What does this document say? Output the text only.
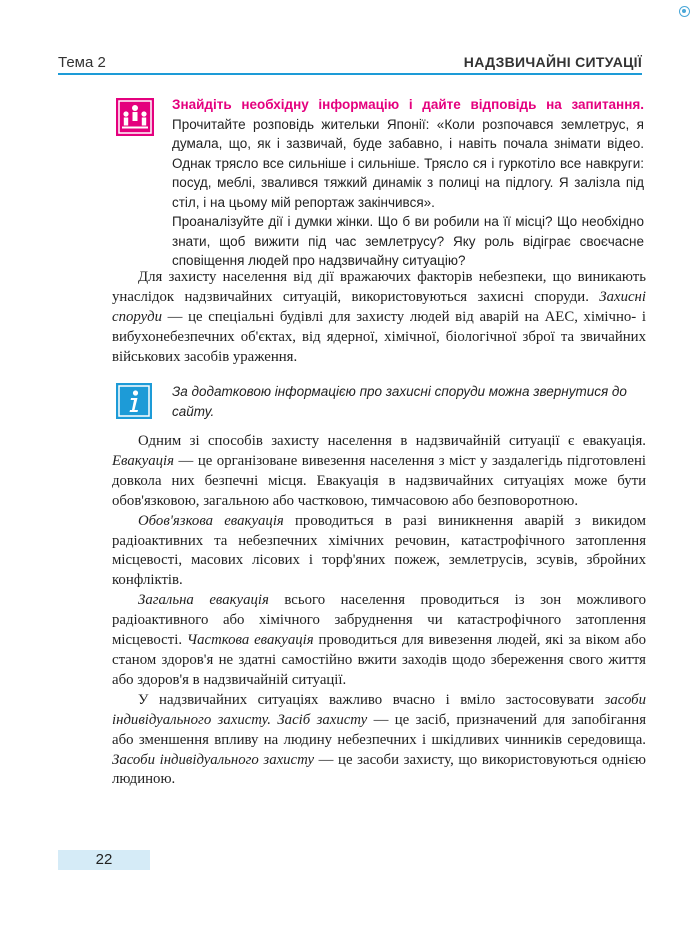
Тема 2	НАДЗВИЧАЙНІ СИТУАЦІЇ

Знайдіть необхідну інформацію і дайте відповідь на запитання. Прочитайте розповідь жительки Японії: «Коли розпочався землетрус, я думала, що, як і зазвичай, буде забавно, і навіть почала знімати відео. Однак трясло все сильніше і сильніше. Трясло ся і гуркотіло все навкруги: посуд, меблі, звалився тяжкий динамік з полиці на підлогу. Я залізла під стіл, і на цьому мій репортаж закінчився».

Проаналізуйте дії і думки жінки. Що б ви робили на її місці? Що необхідно знати, щоб вижити під час землетрусу? Яку роль відіграє своєчасне сповіщення людей про надзвичайну ситуацію?

Для захисту населення від дії вражаючих факторів небезпеки, що виникають унаслідок надзвичайних ситуацій, використовуються захисні споруди. Захисні споруди — це спеціальні будівлі для захисту людей від аварій на АЕС, хімічно- і вибухонебезпечних об'єктах, від ядерної, хімічної, біологічної зброї та звичайних військових засобів ураження.

За додатковою інформацією про захисні споруди можна звернутися до сайту.

Одним зі способів захисту населення в надзвичайній ситуації є евакуація. Евакуація — це організоване вивезення населення з міст у заздалегідь підготовлені довкола них безпечні місця. Евакуація в надзвичайних ситуаціях може бути обов'язковою, загальною або частковою, тимчасовою або безповоротною.

Обов'язкова евакуація проводиться в разі виникнення аварій з викидом радіоактивних та небезпечних хімічних речовин, катастрофічного затоплення місцевості, масових лісових і торф'яних пожеж, землетрусів, зсувів, збройних конфліктів.

Загальна евакуація всього населення проводиться із зон можливого радіоактивного або хімічного забруднення чи катастрофічного затоплення місцевості. Часткова евакуація проводиться для вивезення людей, які за віком або станом здоров'я не здатні самостійно вжити заходів щодо збереження свого життя або здоров'я в надзвичайній ситуації.

У надзвичайних ситуаціях важливо вчасно і вміло застосовувати засоби індивідуального захисту. Засіб захисту — це засіб, призначений для запобігання або зменшення впливу на людину небезпечних і шкідливих чинників середовища. Засоби індивідуального захисту — це засоби захисту, що використовуються однією людиною.

22
